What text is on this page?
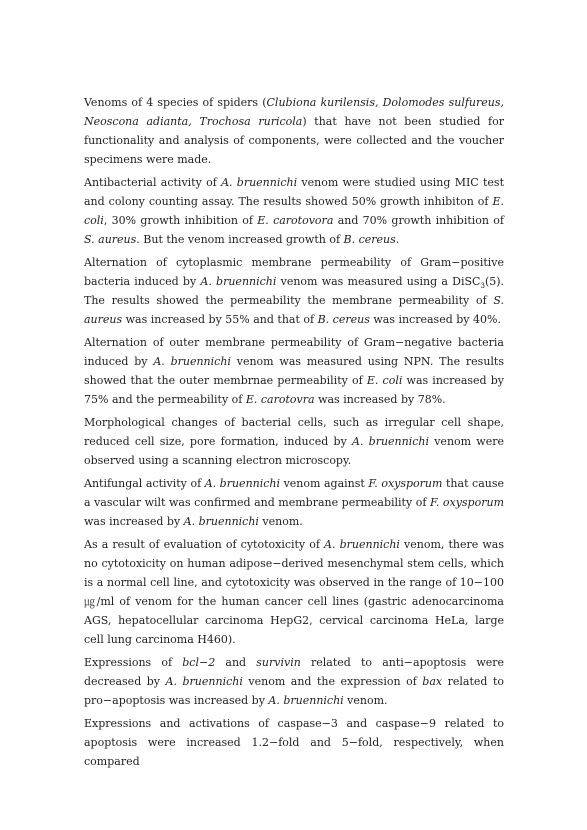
Venoms of 4 species of spiders (Clubiona kurilensis, Dolomodes sulfureus, Neoscona adianta, Trochosa ruricola) that have not been studied for functionality and analysis of components, were collected and the voucher specimens were made.

Antibacterial activity of A. bruennichi venom were studied using MIC test and colony counting assay. The results showed 50% growth inhibiton of E. coli, 30% growth inhibition of E. carotovora and 70% growth inhibition of S. aureus. But the venom increased growth of B. cereus.

Alternation of cytoplasmic membrane permeability of Gram−positive bacteria induced by A. bruennichi venom was measured using a DiSC$_3$(5). The results showed the permeability the membrane permeability of S. aureus was increased by 55% and that of B. cereus was increased by 40%.

Alternation of outer membrane permeability of Gram−negative bacteria induced by A. bruennichi venom was measured using NPN. The results showed that the outer membrnae permeability of E. coli was increased by 75% and the permeability of E. carotovra was increased by 78%.

Morphological changes of bacterial cells, such as irregular cell shape, reduced cell size, pore formation, induced by A. bruennichi venom were observed using a scanning electron microscopy.

Antifungal activity of A. bruennichi venom against F. oxysporum that cause a vascular wilt was confirmed and membrane permeability of F. oxysporum was increased by A. bruennichi venom.

As a result of evaluation of cytotoxicity of A. bruennichi venom, there was no cytotoxicity on human adipose−derived mesenchymal stem cells, which is a normal cell line, and cytotoxicity was observed in the range of 10−100 ㎍/ml of venom for the human cancer cell lines (gastric adenocarcinoma AGS, hepatocellular carcinoma HepG2, cervical carcinoma HeLa, large cell lung carcinoma H460).

Expressions of bcl−2 and survivin related to anti−apoptosis were decreased by A. bruennichi venom and the expression of bax related to pro−apoptosis was increased by A. bruennichi venom.

Expressions and activations of caspase−3 and caspase−9 related to apoptosis were increased 1.2−fold and 5−fold, respectively, when compared
